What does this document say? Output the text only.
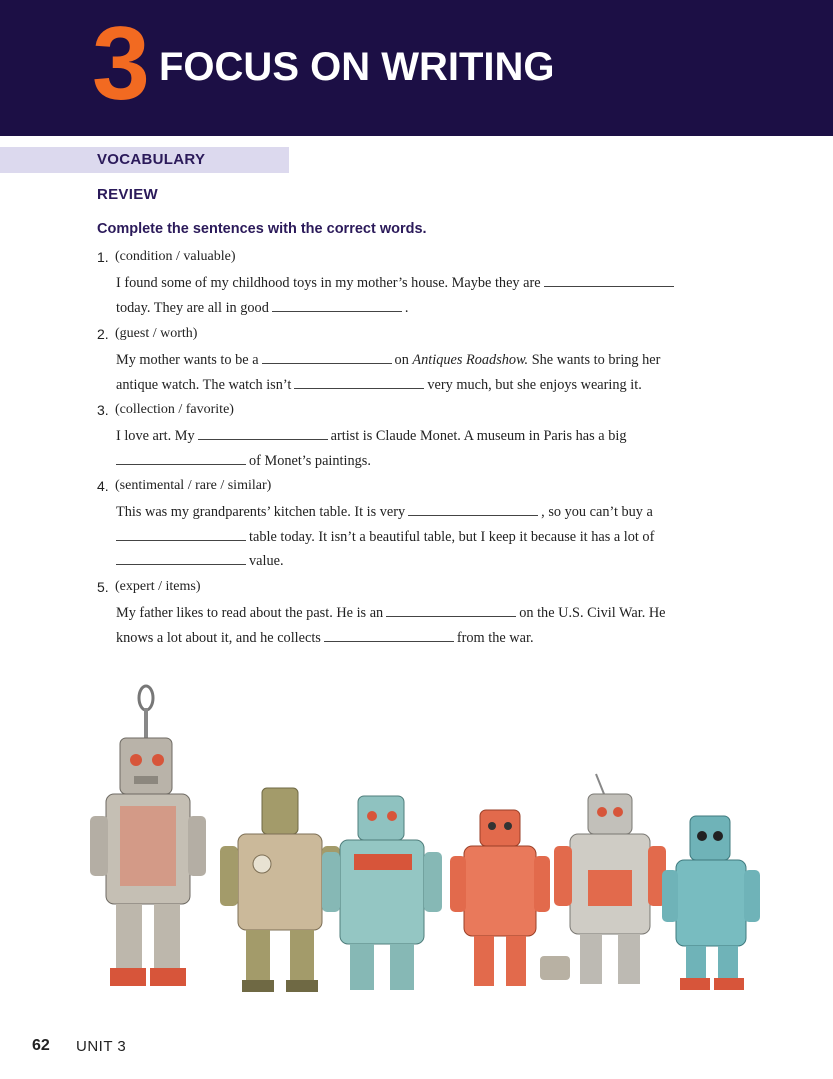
3 FOCUS ON WRITING
VOCABULARY
REVIEW
Complete the sentences with the correct words.
1. (condition / valuable)
I found some of my childhood toys in my mother’s house. Maybe they are
today. They are all in good	.
2. (guest / worth)
My mother wants to be a	on Antiques Roadshow. She wants to bring her
antique watch. The watch isn’t	very much, but she enjoys wearing it.
3. (collection / favorite)
I love art. My	artist is Claude Monet. A museum in Paris has a big
of Monet’s paintings.
4. (sentimental / rare / similar)
This was my grandparents’ kitchen table. It is very	, so you can’t buy a
table today. It isn’t a beautiful table, but I keep it because it has a lot of
value.
5. (expert / items)
My father likes to read about the past. He is an	on the U.S. Civil War. He
knows a lot about it, and he collects	from the war.
62 UNIT 3
